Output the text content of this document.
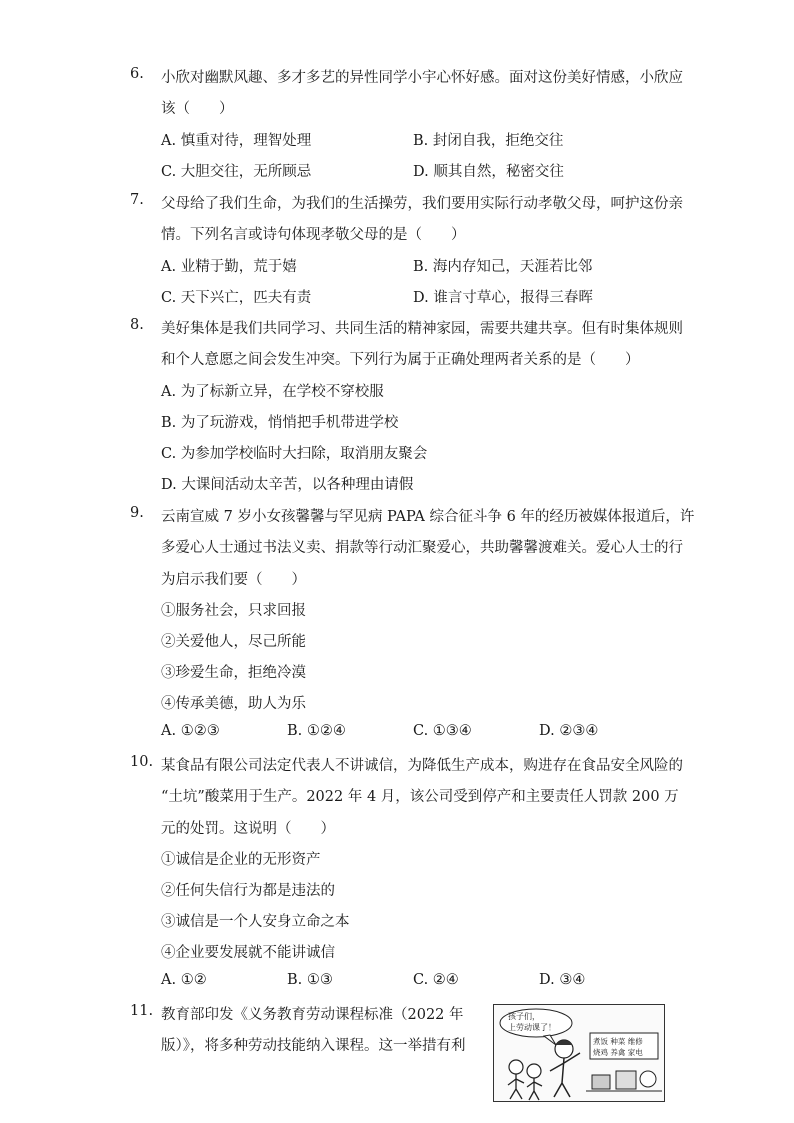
6.	小欣对幽默风趣、多才多艺的异性同学小宇心怀好感。面对这份美好情感，小欣应
该（　　）
A. 慎重对待，理智处理	B. 封闭自我，拒绝交往
C. 大胆交往，无所顾忌	D. 顺其自然，秘密交往
7.	父母给了我们生命，为我们的生活操劳，我们要用实际行动孝敬父母，呵护这份亲
情。下列名言或诗句体现孝敬父母的是（　　）
A. 业精于勤，荒于嬉	B. 海内存知己，天涯若比邻
C. 天下兴亡，匹夫有责	D. 谁言寸草心，报得三春晖
8.	美好集体是我们共同学习、共同生活的精神家园，需要共建共享。但有时集体规则
和个人意愿之间会发生冲突。下列行为属于正确处理两者关系的是（　　）
A. 为了标新立异，在学校不穿校服
B. 为了玩游戏，悄悄把手机带进学校
C. 为参加学校临时大扫除，取消朋友聚会
D. 大课间活动太辛苦，以各种理由请假
9.	云南宣威 7 岁小女孩馨馨与罕见病 PAPA 综合征斗争 6 年的经历被媒体报道后，许
多爱心人士通过书法义卖、捐款等行动汇聚爱心，共助馨馨渡难关。爱心人士的行
为启示我们要（　　）
①服务社会，只求回报
②关爱他人，尽己所能
③珍爱生命，拒绝冷漠
④传承美德，助人为乐
A. ①②③	B. ①②④	C. ①③④	D. ②③④
10. 某食品有限公司法定代表人不讲诚信，为降低生产成本，购进存在食品安全风险的
“土坑”酸菜用于生产。2022 年 4 月，该公司受到停产和主要责任人罚款 200 万
元的处罚。这说明（　　）
①诚信是企业的无形资产
②任何失信行为都是违法的
③诚信是一个人安身立命之本
④企业要发展就不能讲诚信
A. ①②	B. ①③	C. ②④	D. ③④
11. 教育部印发《义务教育劳动课程标准（2022 年
版）》，将多种劳动技能纳入课程。这一举措有利
孩子们，
上劳动课了！
煮饭 种菜 维修
烧鸡 养禽 家电
